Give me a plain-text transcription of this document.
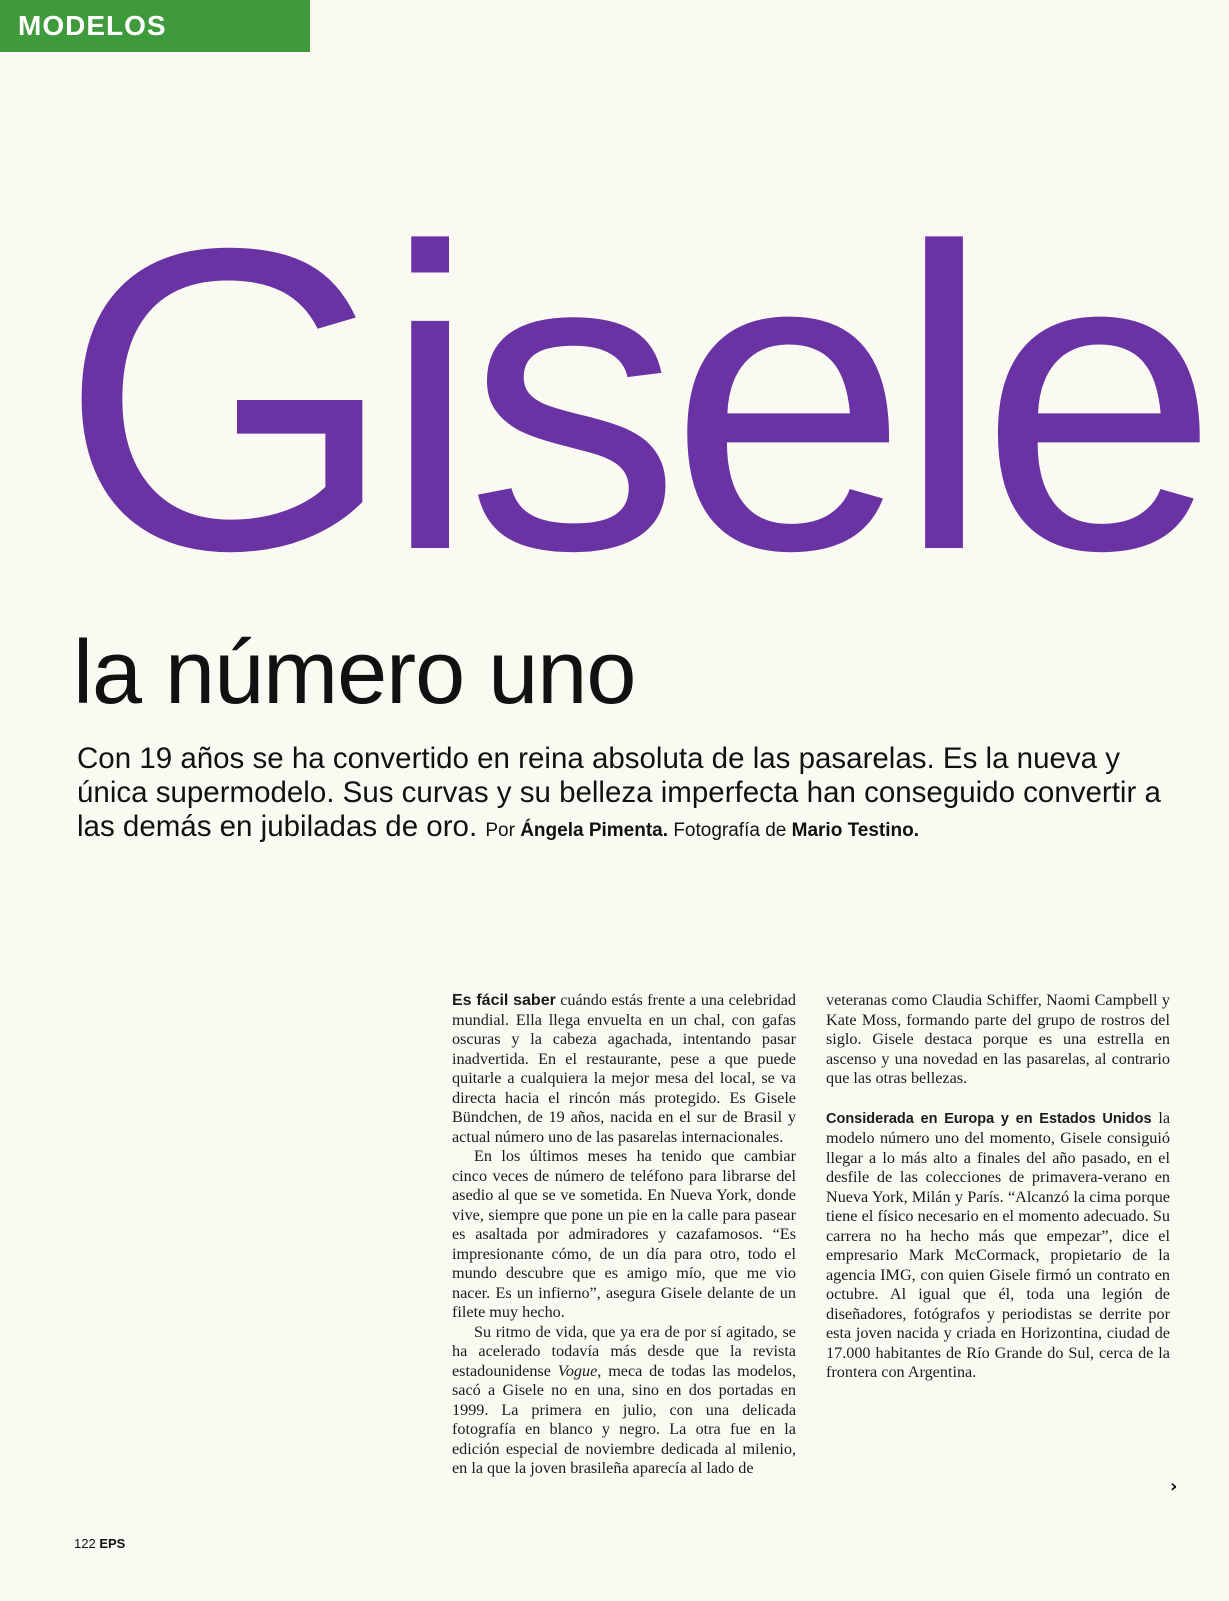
MODELOS
Gisele
la número uno
Con 19 años se ha convertido en reina absoluta de las pasarelas. Es la nueva y única supermodelo. Sus curvas y su belleza imperfecta han conseguido convertir a las demás en jubiladas de oro. Por Ángela Pimenta. Fotografía de Mario Testino.

Es fácil saber cuándo estás frente a una celebridad mundial. Ella llega envuelta en un chal, con gafas oscuras y la cabeza agachada, intentando pasar inadvertida. En el restaurante, pese a que puede quitarle a cualquiera la mejor mesa del local, se va directa hacia el rincón más protegido. Es Gisele Bündchen, de 19 años, nacida en el sur de Brasil y actual número uno de las pasarelas internacionales.

En los últimos meses ha tenido que cambiar cinco veces de número de teléfono para librarse del asedio al que se ve sometida. En Nueva York, donde vive, siempre que pone un pie en la calle para pasear es asaltada por admiradores y cazafamosos. “Es impresionante cómo, de un día para otro, todo el mundo descubre que es amigo mío, que me vio nacer. Es un infierno”, asegura Gisele delante de un filete muy hecho.

Su ritmo de vida, que ya era de por sí agitado, se ha acelerado todavía más desde que la revista estadounidense Vogue, meca de todas las modelos, sacó a Gisele no en una, sino en dos portadas en 1999. La primera en julio, con una delicada fotografía en blanco y negro. La otra fue en la edición especial de noviembre dedicada al milenio, en la que la joven brasileña aparecía al lado de

veteranas como Claudia Schiffer, Naomi Campbell y Kate Moss, formando parte del grupo de rostros del siglo. Gisele destaca porque es una estrella en ascenso y una novedad en las pasarelas, al contrario que las otras bellezas.

Considerada en Europa y en Estados Unidos la modelo número uno del momento, Gisele consiguió llegar a lo más alto a finales del año pasado, en el desfile de las colecciones de primavera-verano en Nueva York, Milán y París. “Alcanzó la cima porque tiene el físico necesario en el momento adecuado. Su carrera no ha hecho más que empezar”, dice el empresario Mark McCormack, propietario de la agencia IMG, con quien Gisele firmó un contrato en octubre. Al igual que él, toda una legión de diseñadores, fotógrafos y periodistas se derrite por esta joven nacida y criada en Horizontina, ciudad de 17.000 habitantes de Río Grande do Sul, cerca de la frontera con Argentina.

›
122 EPS
